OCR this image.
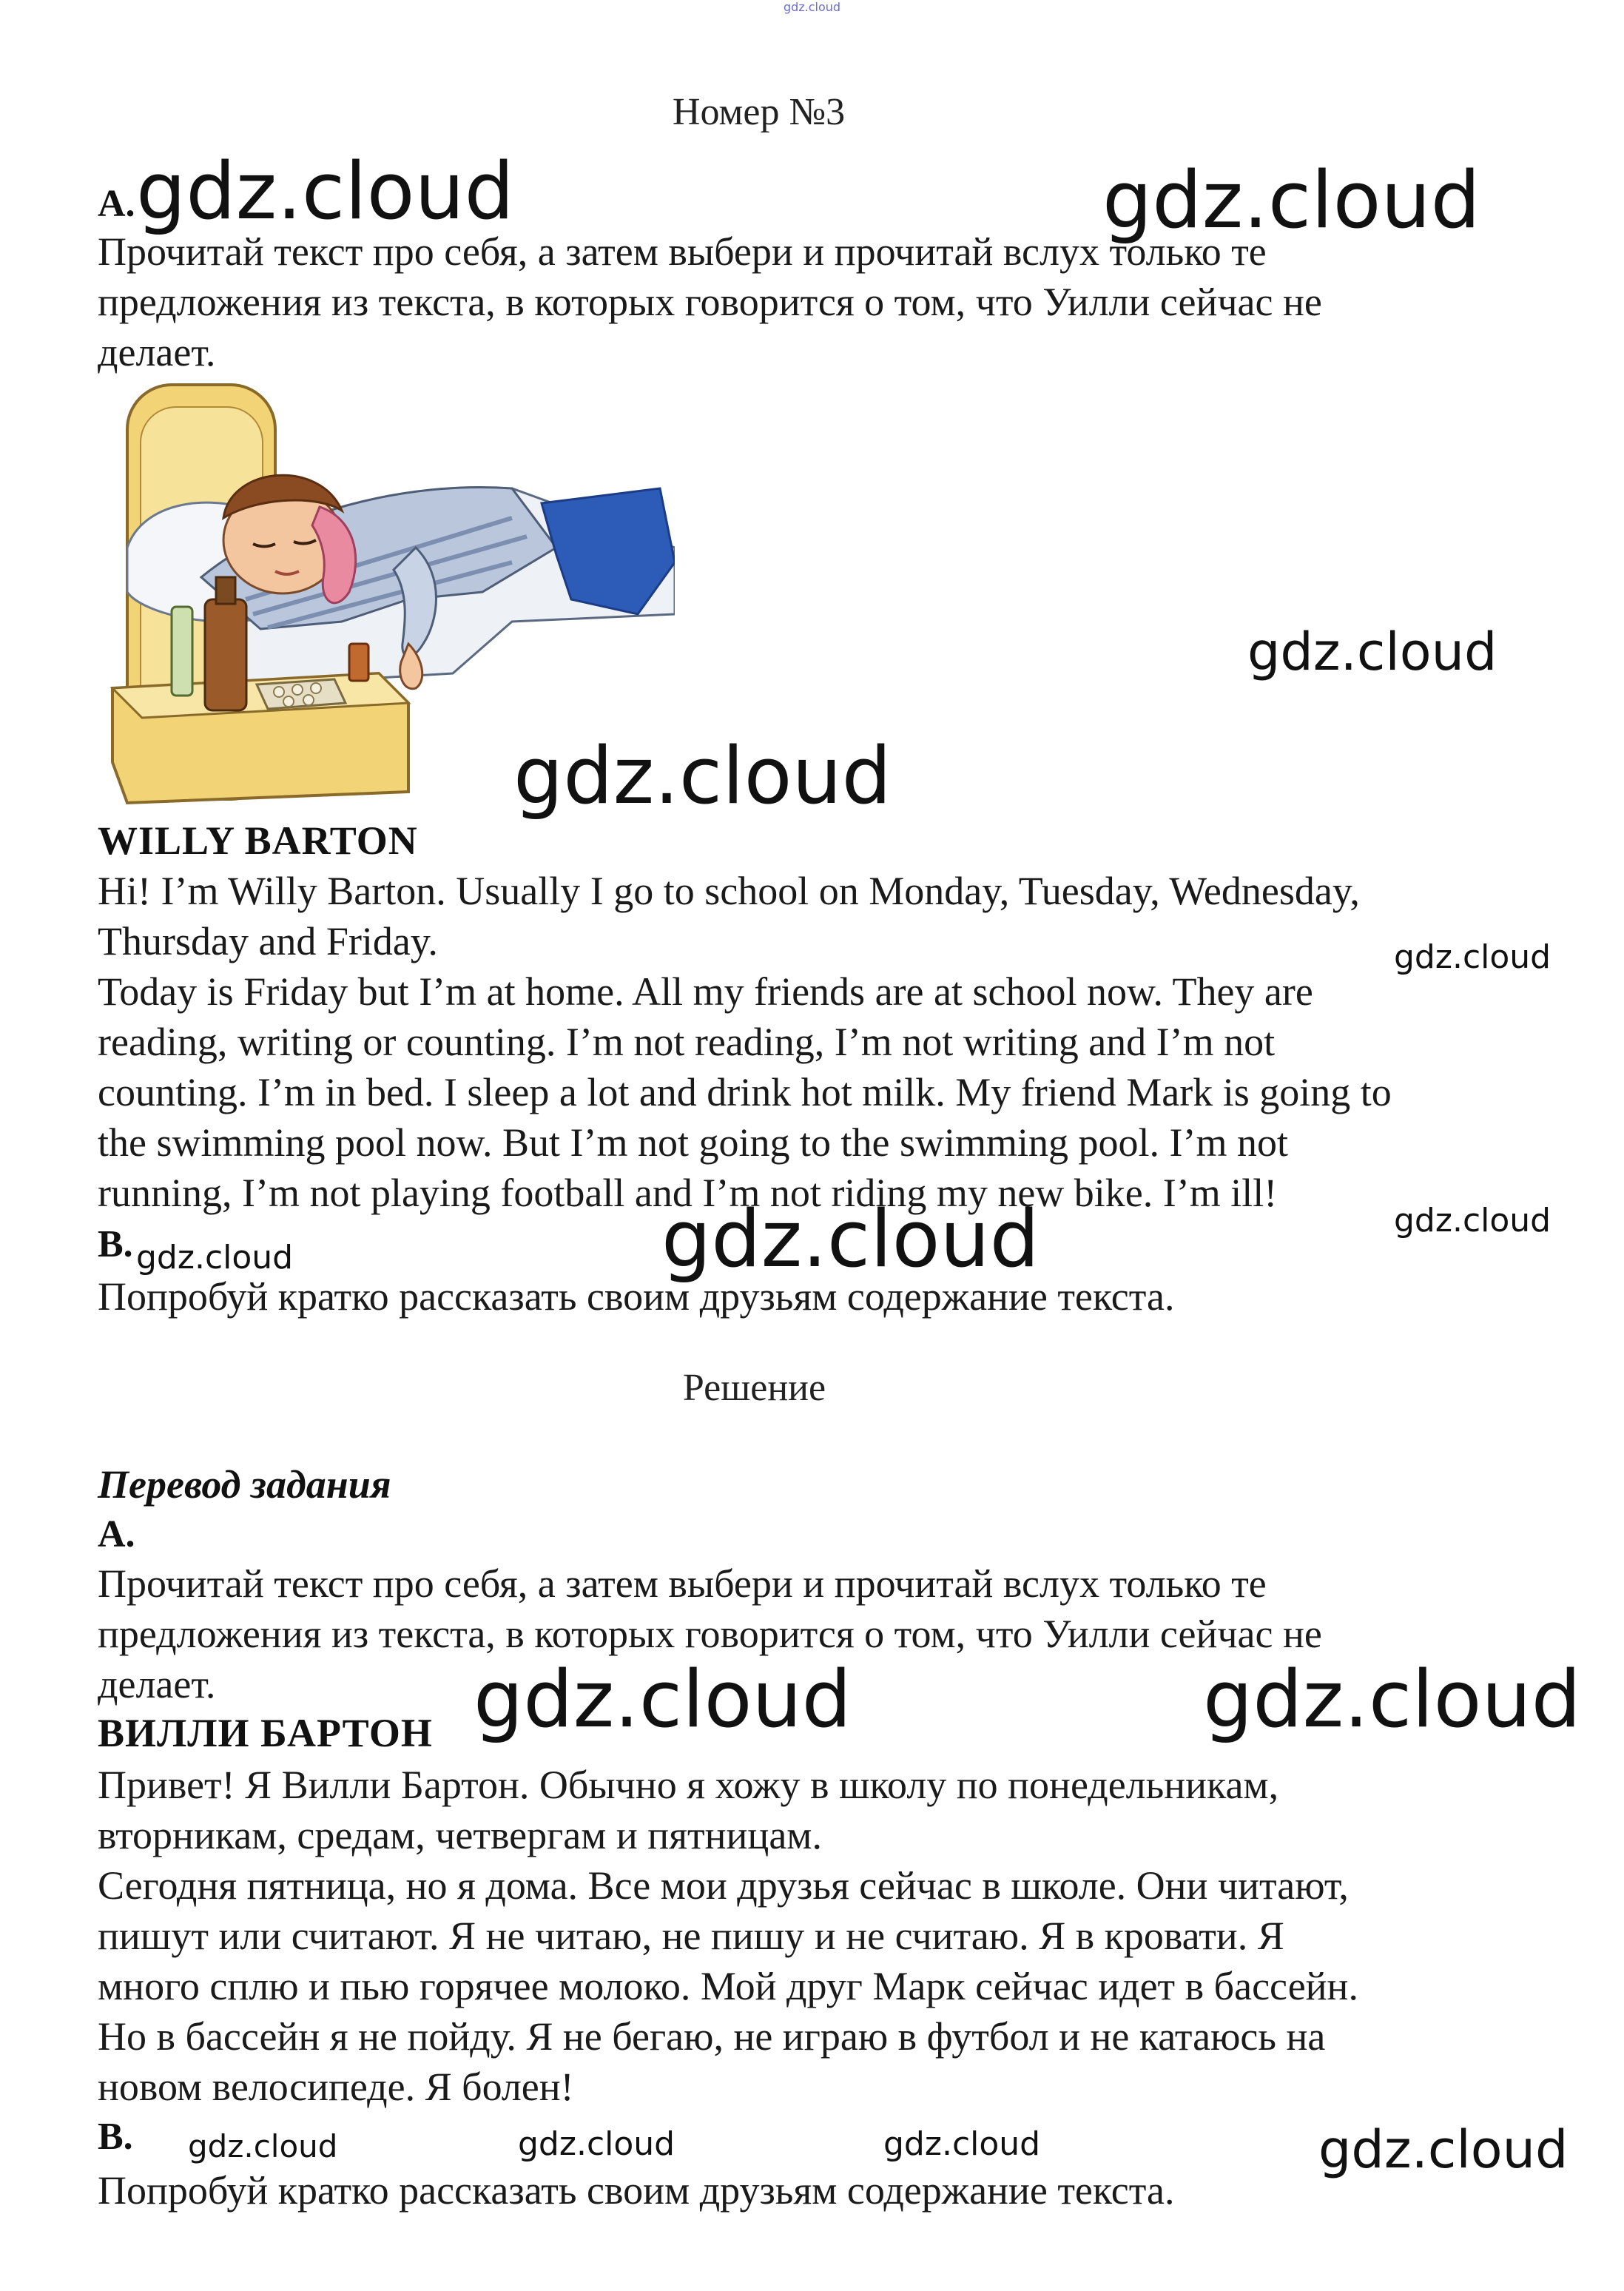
gdz.cloud
Номер №3
A. gdz.cloud	gdz.cloud
Прочитай текст про себя, а затем выбери и прочитай вслух только те
предложения из текста, в которых говорится о том, что Уилли сейчас не
делает.
gdz.cloud
gdz.cloud
WILLY BARTON
Hi! I’m Willy Barton. Usually I go to school on Monday, Tuesday, Wednesday,
Thursday and Friday.	gdz.cloud
Today is Friday but I’m at home. All my friends are at school now. They are
reading, writing or counting. I’m not reading, I’m not writing and I’m not
counting. I’m in bed. I sleep a lot and drink hot milk. My friend Mark is going to
the swimming pool now. But I’m not going to the swimming pool. I’m not
running, I’m not playing football and I’m not riding my new bike. I’m ill!
gdz.cloud
B. gdz.cloud	gdz.cloud
Попробуй кратко рассказать своим друзьям содержание текста.
Решение
Перевод задания
A.
Прочитай текст про себя, а затем выбери и прочитай вслух только те
предложения из текста, в которых говорится о том, что Уилли сейчас не
делает.
ВИЛЛИ БАРТОН gdz.cloud	gdz.cloud
Привет! Я Вилли Бартон. Обычно я хожу в школу по понедельникам,
вторникам, средам, четвергам и пятницам.
Сегодня пятница, но я дома. Все мои друзья сейчас в школе. Они читают,
пишут или считают. Я не читаю, не пишу и не считаю. Я в кровати. Я
много сплю и пью горячее молоко. Мой друг Марк сейчас идет в бассейн.
Но в бассейн я не пойду. Я не бегаю, не играю в футбол и не катаюсь на
новом велосипеде. Я болен!
B. gdz.cloud	gdz.cloud	gdz.cloud	gdz.cloud
Попробуй кратко рассказать своим друзьям содержание текста.
